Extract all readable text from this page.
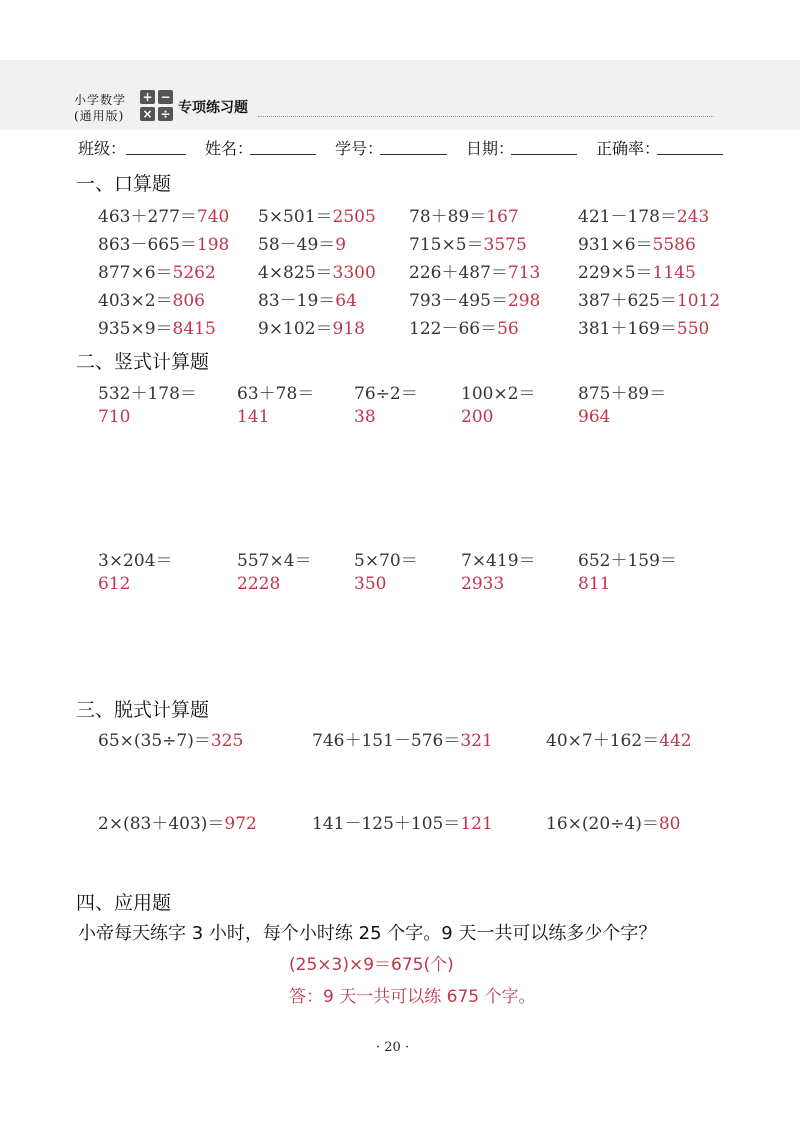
小学数学
(通用版)
+ −
× ÷ 专项练习题
班级：	姓名：	学号：	日期：	正确率：
一、口算题
二、竖式计算题
三、脱式计算题
四、应用题
463＋277＝740 5×501＝2505 78＋89＝167	421－178＝243
863－665＝198 58－49＝9	715×5＝3575	931×6＝5586
877×6＝5262 4×825＝3300 226＋487＝713 229×5＝1145
403×2＝806	83－19＝64	793－495＝298 387＋625＝1012
935×9＝8415 9×102＝918	122－66＝56	381＋169＝550
532＋178＝
710
63＋78＝
141
76÷2＝
38
100×2＝
200
875＋89＝
964
3×204＝
612
557×4＝
2228
5×70＝
350
7×419＝
2933
652＋159＝
811
65×(35÷7)＝325	746＋151－576＝321	40×7＋162＝442
2×(83＋403)＝972	141－125＋105＝121	16×(20÷4)＝80
小帝每天练字 3 小时，每个小时练 25 个字。9 天一共可以练多少个字？
(25×3)×9＝675(个)
答：9 天一共可以练 675 个字。
· 20 ·
